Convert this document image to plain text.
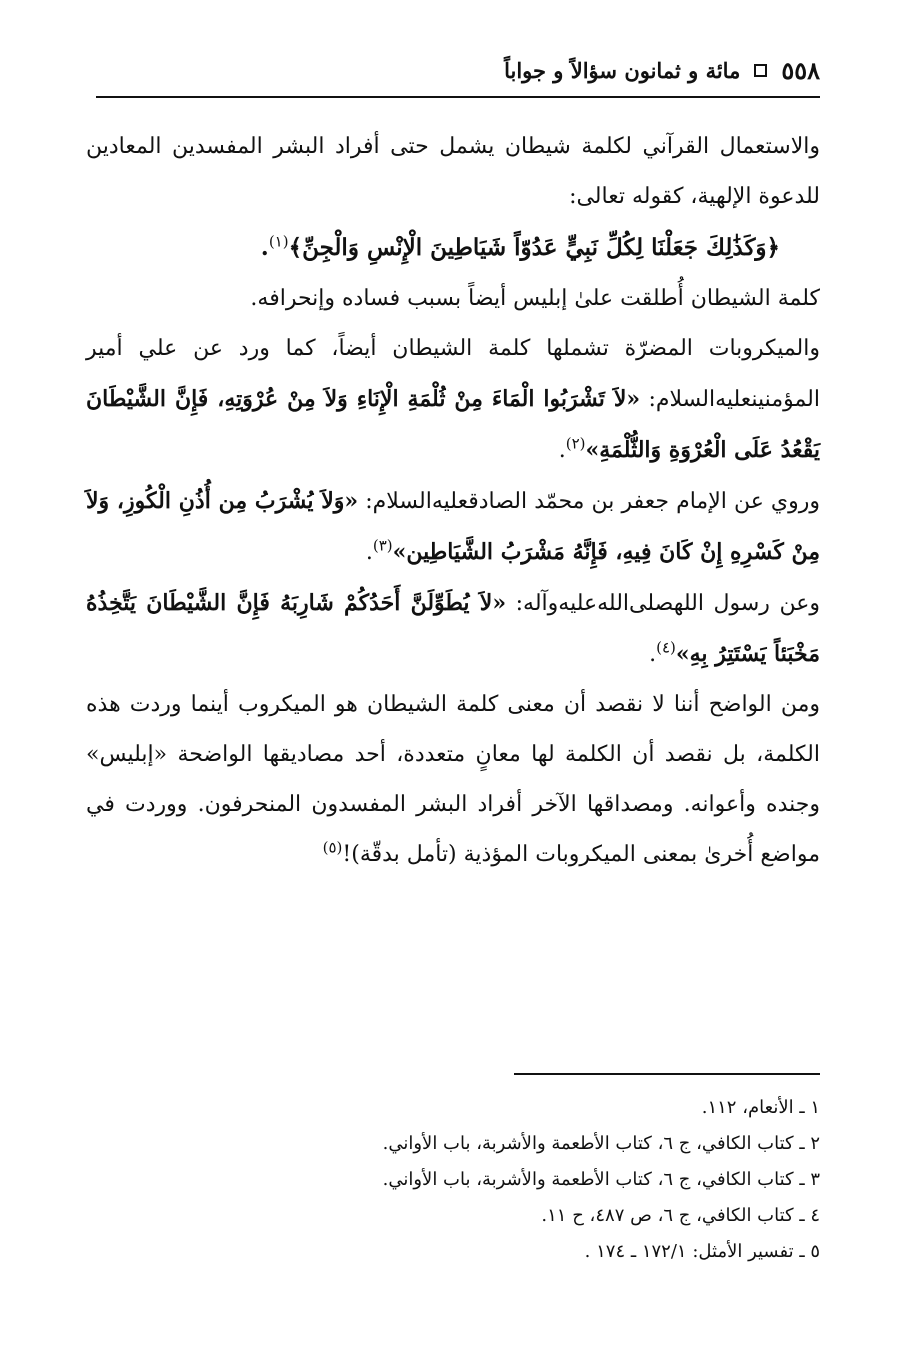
٥٥٨
مائة و ثمانون سؤالاً و جواباً

والاستعمال القرآني لكلمة شيطان يشمل حتى أفراد البشر المفسدين المعادين للدعوة الإلهية، كقوله تعالى:

﴿وَكَذَٰلِكَ جَعَلْنَا لِكُلِّ نَبِيٍّ عَدُوّاً شَيَاطِينَ الْإِنْسِ وَالْجِنِّ﴾$^{(١)}$.

كلمة الشيطان أُطلقت علىٰ إبليس أيضاً بسبب فساده وإنحرافه.

والميكروبات المضرّة تشملها كلمة الشيطان أيضاً، كما ورد عن علي أمير المؤمنينعليه‌السلام: «لاَ تَشْرَبُوا الْمَاءَ مِنْ ثُلْمَةِ الْإِنَاءِ وَلاَ مِنْ عُرْوَتِهِ، فَإِنَّ الشَّيْطَانَ يَقْعُدُ عَلَى الْعُرْوَةِ وَالثُّلْمَةِ»$^{(٢)}$.

وروي عن الإمام جعفر بن محمّد الصادقعليه‌السلام: «وَلاَ يُشْرَبُ مِن أُذُنِ الْكُوزِ، وَلاَ مِنْ كَسْرِهِ إِنْ كَانَ فِيهِ، فَإِنَّهُ مَشْرَبُ الشَّيَاطِين»$^{(٣)}$.

وعن رسول اللهصلى‌الله‌عليه‌وآله: «لاَ يُطَوِّلَنَّ أَحَدُكُمْ شَارِبَهُ فَإِنَّ الشَّيْطَانَ يَتَّخِذُهُ مَخْبَئاً يَسْتَتِرُ بِهِ»$^{(٤)}$.

ومن الواضح أننا لا نقصد أن معنى كلمة الشيطان هو الميكروب أينما وردت هذه الكلمة، بل نقصد أن الكلمة لها معانٍ متعددة، أحد مصاديقها الواضحة «إبليس» وجنده وأعوانه. ومصداقها الآخر أفراد البشر المفسدون المنحرفون. ووردت في مواضع أُخرىٰ بمعنى الميكروبات المؤذية (تأمل بدقّة)!$^{(٥)}$

١ ـ الأنعام، ١١٢.
٢ ـ كتاب الكافي، ج ٦، كتاب الأطعمة والأشربة، باب الأواني.
٣ ـ كتاب الكافي، ج ٦، كتاب الأطعمة والأشربة، باب الأواني.
٤ ـ كتاب الكافي، ج ٦، ص ٤٨٧، ح ١١.
٥ ـ تفسير الأمثل: ١٧٢/١ ـ ١٧٤ .
